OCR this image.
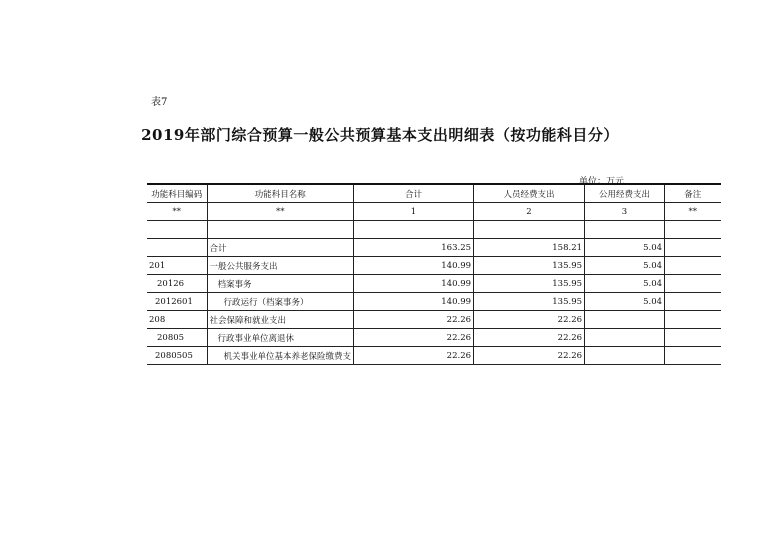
表7
2019年部门综合预算一般公共预算基本支出明细表（按功能科目分）
单位：万元
功能科目编码	功能科目名称	合计	人员经费支出	公用经费支出	备注
**	**	1	2	3	**

	合计	163.25	158.21	5.04	
201	一般公共服务支出	140.99	135.95	5.04	
20126	档案事务	140.99	135.95	5.04	
2012601	行政运行（档案事务）	140.99	135.95	5.04	
208	社会保障和就业支出	22.26	22.26		
20805	行政事业单位离退休	22.26	22.26		
2080505	机关事业单位基本养老保险缴费支	22.26	22.26		
